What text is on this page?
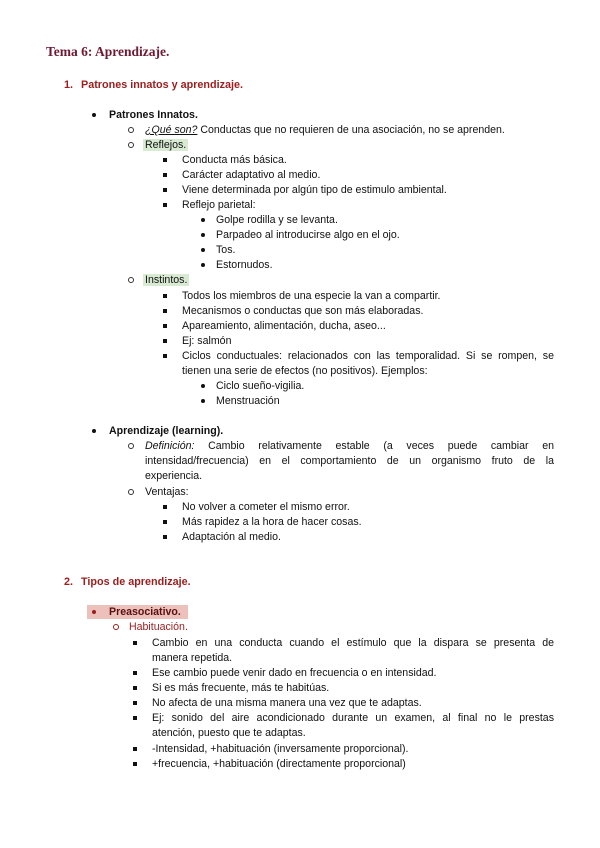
Tema 6: Aprendizaje.
1. Patrones innatos y aprendizaje.
Patrones Innatos.
¿Qué son? Conductas que no requieren de una asociación, no se aprenden.
Reflejos.
Conducta más básica.
Carácter adaptativo al medio.
Viene determinada por algún tipo de estimulo ambiental.
Reflejo parietal:
Golpe rodilla y se levanta.
Parpadeo al introducirse algo en el ojo.
Tos.
Estornudos.
Instintos.
Todos los miembros de una especie la van a compartir.
Mecanismos o conductas que son más elaboradas.
Apareamiento, alimentación, ducha, aseo...
Ej: salmón
Ciclos conductuales: relacionados con las temporalidad. Si se rompen, se
tienen una serie de efectos (no positivos). Ejemplos:
Ciclo sueño-vigilia.
Menstruación
Aprendizaje (learning).
Definición: Cambio relativamente estable (a veces puede cambiar en
intensidad/frecuencia) en el comportamiento de un organismo fruto de la
experiencia.
Ventajas:
No volver a cometer el mismo error.
Más rapidez a la hora de hacer cosas.
Adaptación al medio.
2. Tipos de aprendizaje.
Preasociativo.
Habituación.
Cambio en una conducta cuando el estímulo que la dispara se presenta de
manera repetida.
Ese cambio puede venir dado en frecuencia o en intensidad.
Si es más frecuente, más te habitúas.
No afecta de una misma manera una vez que te adaptas.
Ej: sonido del aire acondicionado durante un examen, al final no le prestas
atención, puesto que te adaptas.
-Intensidad, +habituación (inversamente proporcional).
+frecuencia, +habituación (directamente proporcional)
